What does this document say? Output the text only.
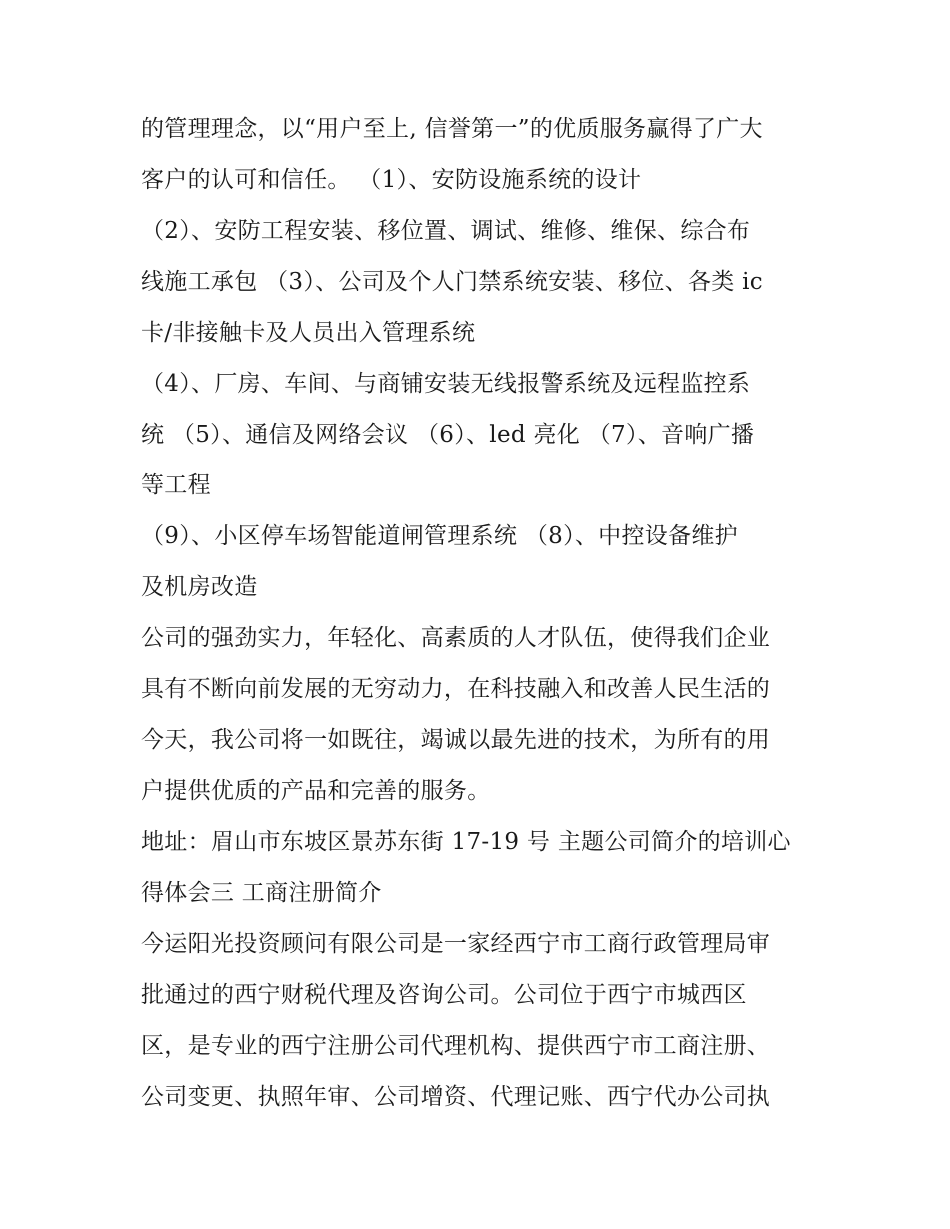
的管理理念，以“用户至上, 信誉第一”的优质服务赢得了广大
客户的认可和信任。 （1）、安防设施系统的设计
（2）、安防工程安装、移位置、调试、维修、维保、综合布
线施工承包 （3）、公司及个人门禁系统安装、移位、各类 ic
卡/非接触卡及人员出入管理系统
（4）、厂房、车间、与商铺安装无线报警系统及远程监控系
统 （5）、通信及网络会议 （6）、led 亮化 （7）、音响广播
等工程
（9）、小区停车场智能道闸管理系统 （8）、中控设备维护
及机房改造
公司的强劲实力，年轻化、高素质的人才队伍，使得我们企业
具有不断向前发展的无穷动力，在科技融入和改善人民生活的
今天，我公司将一如既往，竭诚以最先进的技术，为所有的用
户提供优质的产品和完善的服务。
地址：眉山市东坡区景苏东街 17-19 号 主题公司简介的培训心
得体会三 工商注册简介
今运阳光投资顾问有限公司是一家经西宁市工商行政管理局审
批通过的西宁财税代理及咨询公司。公司位于西宁市城西区
区，是专业的西宁注册公司代理机构、提供西宁市工商注册、
公司变更、执照年审、公司增资、代理记账、西宁代办公司执
